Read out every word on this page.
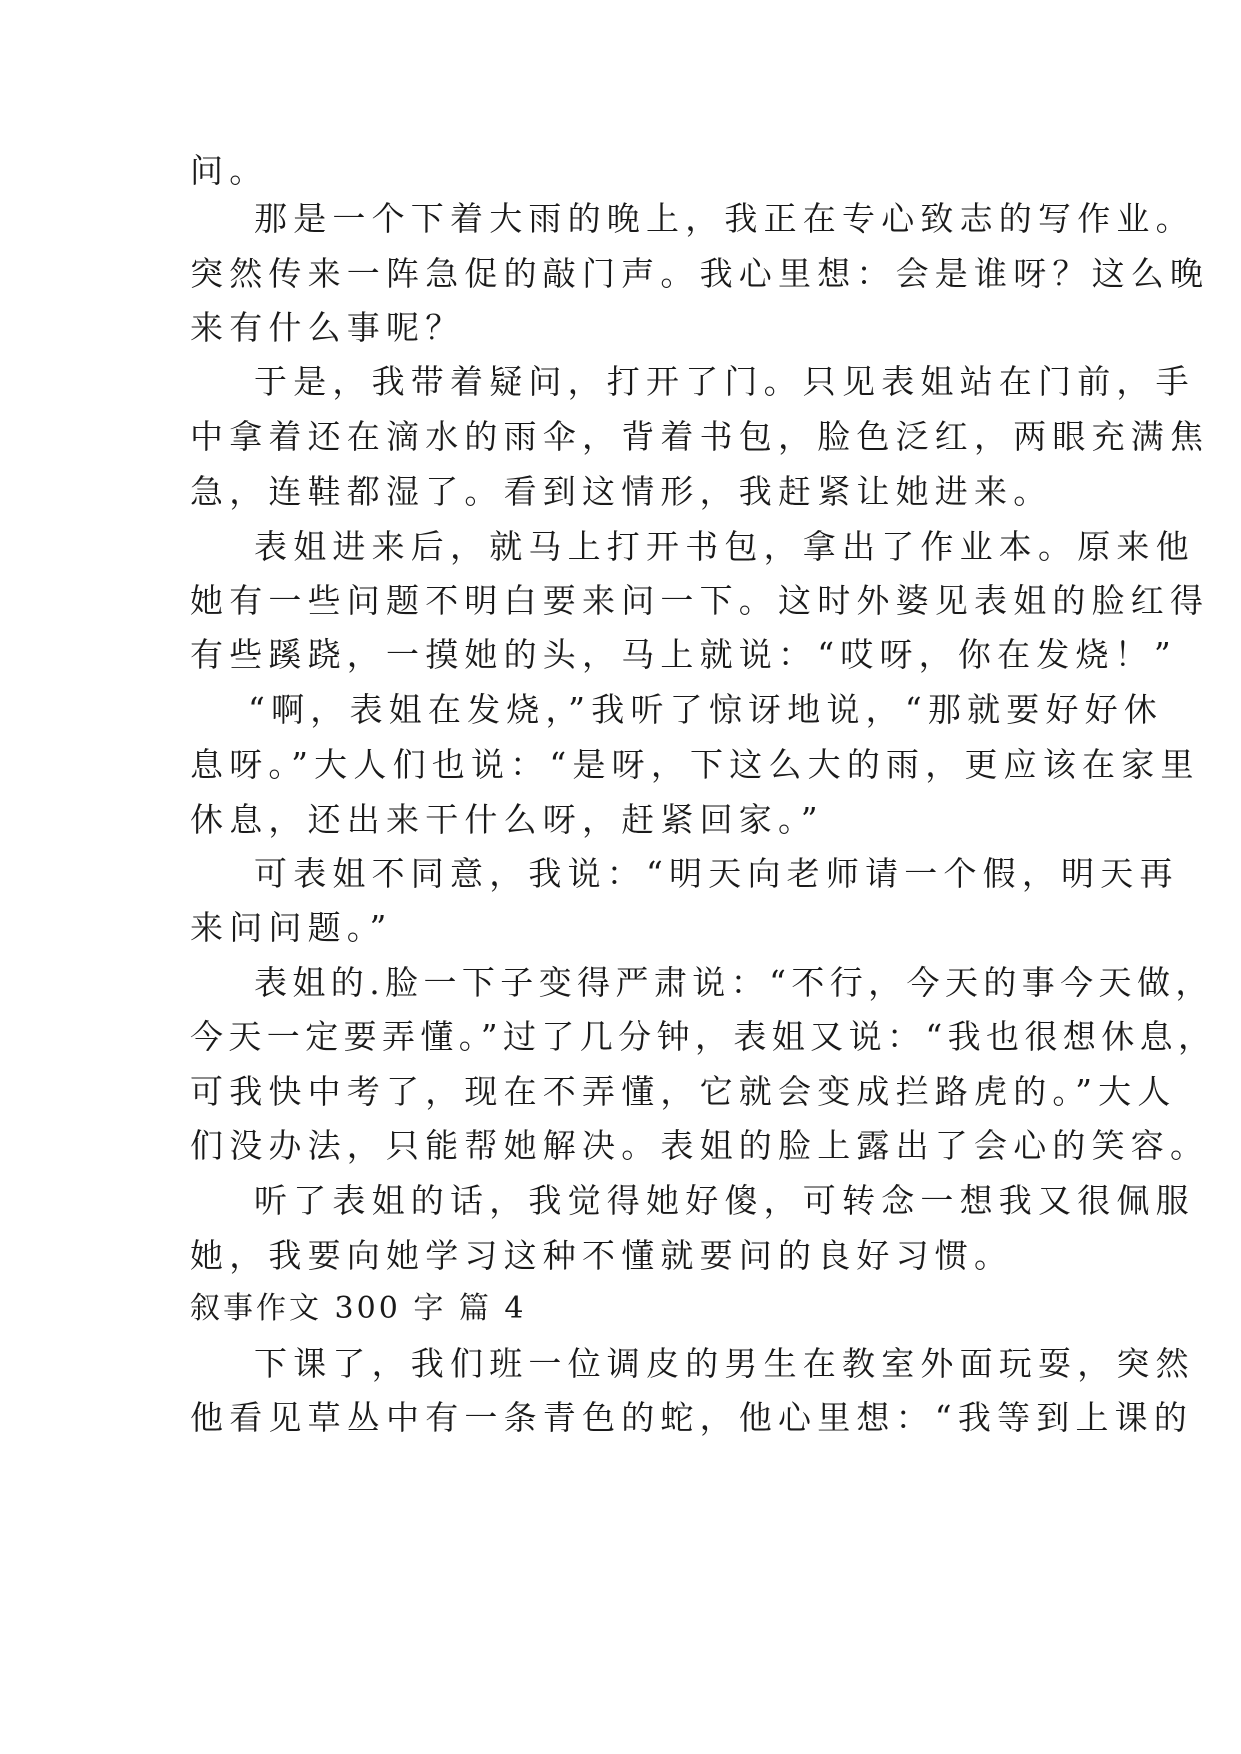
问。
那是一个下着大雨的晚上，我正在专心致志的写作业。
突然传来一阵急促的敲门声。我心里想：会是谁呀？这么晚
来有什么事呢？
于是，我带着疑问，打开了门。只见表姐站在门前，手
中拿着还在滴水的雨伞，背着书包，脸色泛红，两眼充满焦
急，连鞋都湿了。看到这情形，我赶紧让她进来。
表姐进来后，就马上打开书包，拿出了作业本。原来他
她有一些问题不明白要来问一下。这时外婆见表姐的脸红得
有些蹊跷，一摸她的头，马上就说：“哎呀，你在发烧！”
“啊，表姐在发烧，”我听了惊讶地说，“那就要好好休
息呀。”大人们也说：“是呀，下这么大的雨，更应该在家里
休息，还出来干什么呀，赶紧回家。”
可表姐不同意，我说：“明天向老师请一个假，明天再
来问问题。”
表姐的.脸一下子变得严肃说：“不行，今天的事今天做，
今天一定要弄懂。”过了几分钟，表姐又说：“我也很想休息，
可我快中考了，现在不弄懂，它就会变成拦路虎的。”大人
们没办法，只能帮她解决。表姐的脸上露出了会心的笑容。
听了表姐的话，我觉得她好傻，可转念一想我又很佩服
她，我要向她学习这种不懂就要问的良好习惯。
叙事作文 300 字 篇 4
下课了，我们班一位调皮的男生在教室外面玩耍，突然
他看见草丛中有一条青色的蛇，他心里想：“我等到上课的
